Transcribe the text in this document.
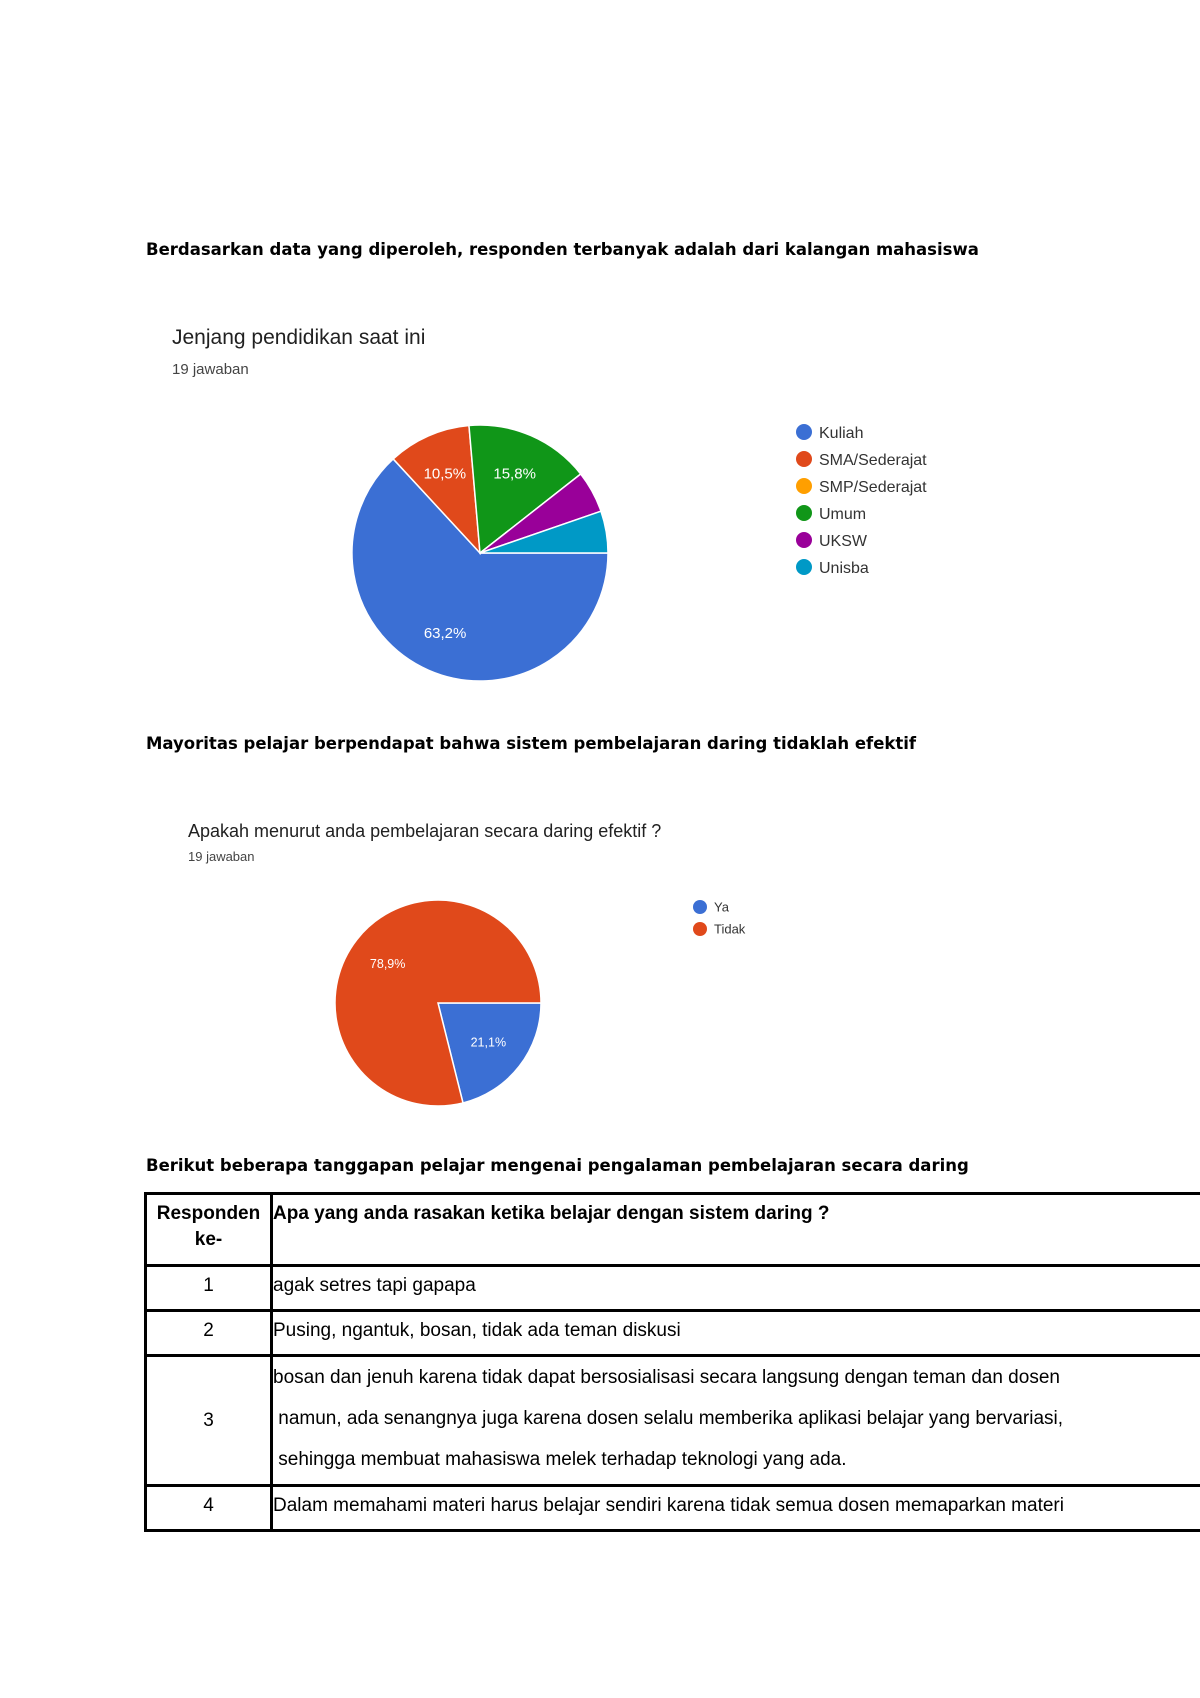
Berdasarkan data yang diperoleh, responden terbanyak adalah dari kalangan mahasiswa
Mayoritas pelajar berpendapat bahwa sistem pembelajaran daring tidaklah efektif
Berikut beberapa tanggapan pelajar mengenai pengalaman pembelajaran secara daring
Jenjang pendidikan saat ini
19 jawaban
63,2%
10,5% 15,8%
Kuliah
SMA/Sederajat
SMP/Sederajat
Umum
UKSW
Unisba
Apakah menurut anda pembelajaran secara daring efektif ?
19 jawaban
21,1%
78,9%
Ya
Tidak
Responden
ke-	Apa yang anda rasakan ketika belajar dengan sistem daring ?
1	agak setres tapi gapapa
2	Pusing, ngantuk, bosan, tidak ada teman diskusi
3	bosan dan jenuh karena tidak dapat bersosialisasi secara langsung dengan teman dan dosen
namun, ada senangnya juga karena dosen selalu memberika aplikasi belajar yang bervariasi,
sehingga membuat mahasiswa melek terhadap teknologi yang ada.

4	Dalam memahami materi harus belajar sendiri karena tidak semua dosen memaparkan materi
